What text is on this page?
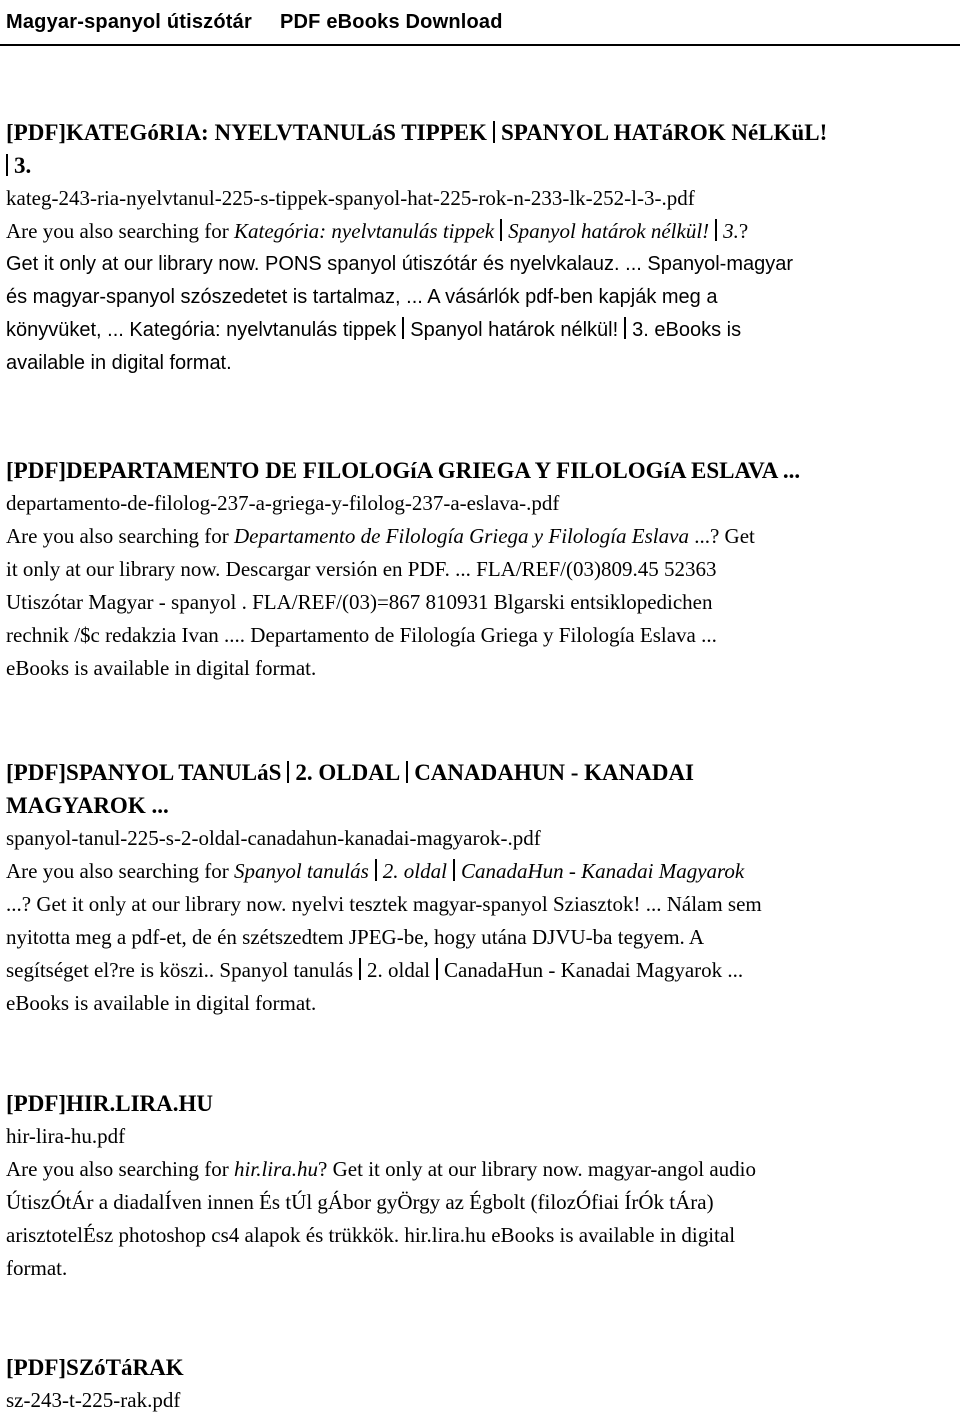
Magyar-spanyol útiszótár PDF eBooks Download
[PDF]KATEGóRIA: NYELVTANULáS TIPPEK SPANYOL HATáROK NéLKüL!
3.
kateg-243-ria-nyelvtanul-225-s-tippek-spanyol-hat-225-rok-n-233-lk-252-l-3-.pdf
Are you also searching for Kategória: nyelvtanulás tippek Spanyol határok nélkül! 3.?
Get it only at our library now. PONS spanyol útiszótár és nyelvkalauz. ... Spanyol-magyar
és magyar-spanyol szószedetet is tartalmaz, ... A vásárlók pdf-ben kapják meg a
könyvüket, ... Kategória: nyelvtanulás tippek Spanyol határok nélkül! 3. eBooks is
available in digital format.
[PDF]DEPARTAMENTO DE FILOLOGíA GRIEGA Y FILOLOGíA ESLAVA ...
departamento-de-filolog-237-a-griega-y-filolog-237-a-eslava-.pdf
Are you also searching for Departamento de Filología Griega y Filología Eslava ...? Get
it only at our library now. Descargar versión en PDF. ... FLA/REF/(03)809.45 52363
Utiszótar Magyar - spanyol . FLA/REF/(03)=867 810931 Blgarski entsiklopedichen
rechnik /$c redakzia Ivan .... Departamento de Filología Griega y Filología Eslava ...
eBooks is available in digital format.
[PDF]SPANYOL TANULáS 2. OLDAL CANADAHUN - KANADAI
MAGYAROK ...
spanyol-tanul-225-s-2-oldal-canadahun-kanadai-magyarok-.pdf
Are you also searching for Spanyol tanulás 2. oldal CanadaHun - Kanadai Magyarok
...? Get it only at our library now. nyelvi tesztek magyar-spanyol Sziasztok! ... Nálam sem
nyitotta meg a pdf-et, de én szétszedtem JPEG-be, hogy utána DJVU-ba tegyem. A
segítséget el?re is köszi.. Spanyol tanulás 2. oldal CanadaHun - Kanadai Magyarok ...
eBooks is available in digital format.
[PDF]HIR.LIRA.HU
hir-lira-hu.pdf
Are you also searching for hir.lira.hu? Get it only at our library now. magyar-angol audio
ÚtiszÓtÁr a diadalÍven innen És tÚl gÁbor gyÖrgy az Égbolt (filozÓfiai ÍrÓk tÁra)
arisztotelÉsz photoshop cs4 alapok és trükkök. hir.lira.hu eBooks is available in digital
format.
[PDF]SZóTáRAK
sz-243-t-225-rak.pdf
